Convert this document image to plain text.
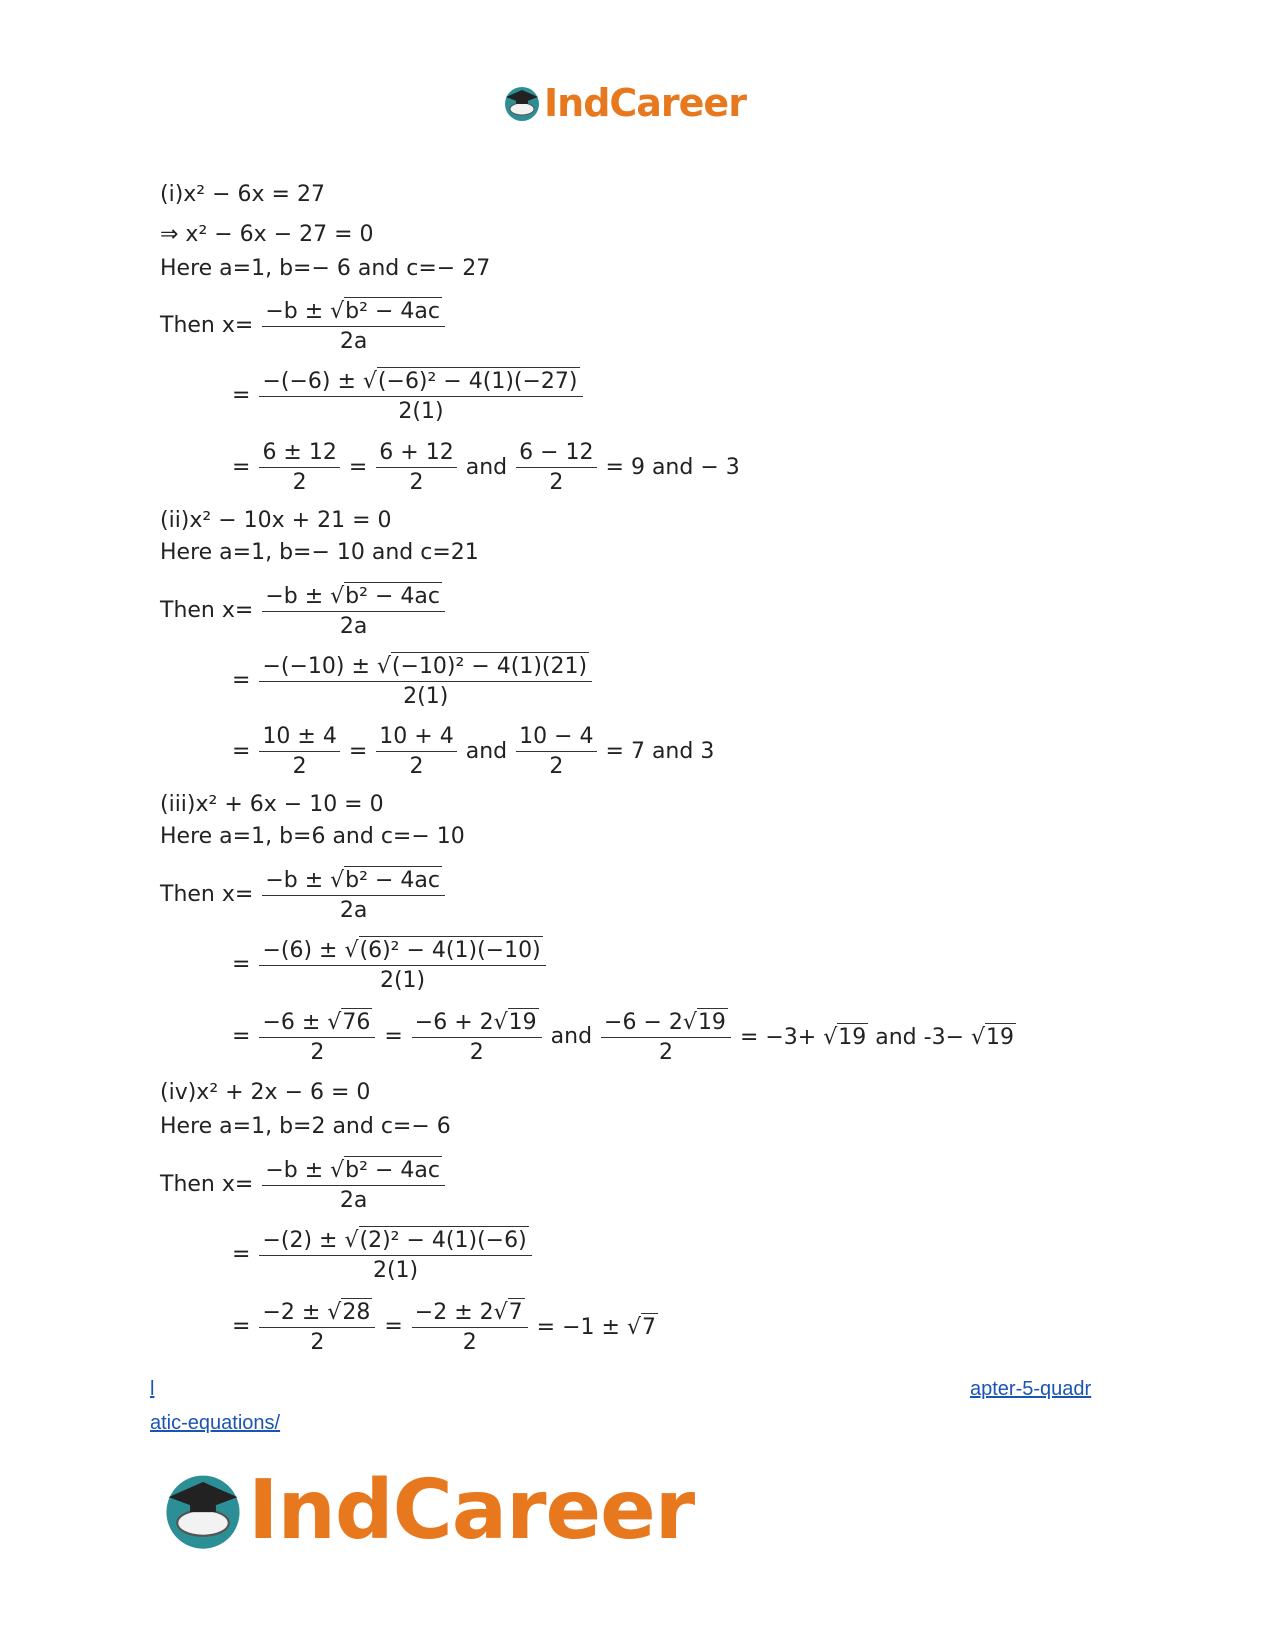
IndCareer
(i)x² − 6x = 27
⇒ x² − 6x − 27 = 0
Here a=1, b=− 6 and c=− 27
Then $x= \frac{\text{−b ± √b² − 4ac}}{2a}$
= $\frac{\text{−(−6) ± √(−6)² − 4(1)(−27)}}{2(1)}$
= $\frac{6 \pm 12}{2} = \frac{6 + 12}{2}$ and $\frac{6 - 12}{2} = 9$ and − 3
(ii)x² − 10x + 21 = 0
Here a=1, b=− 10 and c=21
Then $x= \frac{\text{−b ± √b² − 4ac}}{2a}$
= $\frac{\text{−(−10) ± √(−10)² − 4(1)(21)}}{2(1)}$
= $\frac{10 \pm 4}{2} = \frac{10 + 4}{2}$ and $\frac{10 - 4}{2} = 7$ and 3
(iii)x² + 6x − 10 = 0
Here a=1, b=6 and c=− 10
Then $x= \frac{\text{−b ± √b² − 4ac}}{2a}$
= $\frac{\text{−(6) ± √(6)² − 4(1)(−10)}}{2(1)}$
= $\frac{-6 \pm √76}{2} = \frac{-6 + 2√19}{2}$ and $\frac{-6 - 2√19}{2} = -3+ √19$ and -3− √19
(iv)x² + 2x − 6 = 0
Here a=1, b=2 and c=− 6
Then $x= \frac{\text{−b ± √b² − 4ac}}{2a}$
= $\frac{\text{−(2) ± √(2)² − 4(1)(−6)}}{2(1)}$
= $\frac{-2 \pm √28}{2} = \frac{-2 \pm 2√7}{2} = -1 \pm √7$
l	apter-5-quadr
atic-equations/
IndCareer
